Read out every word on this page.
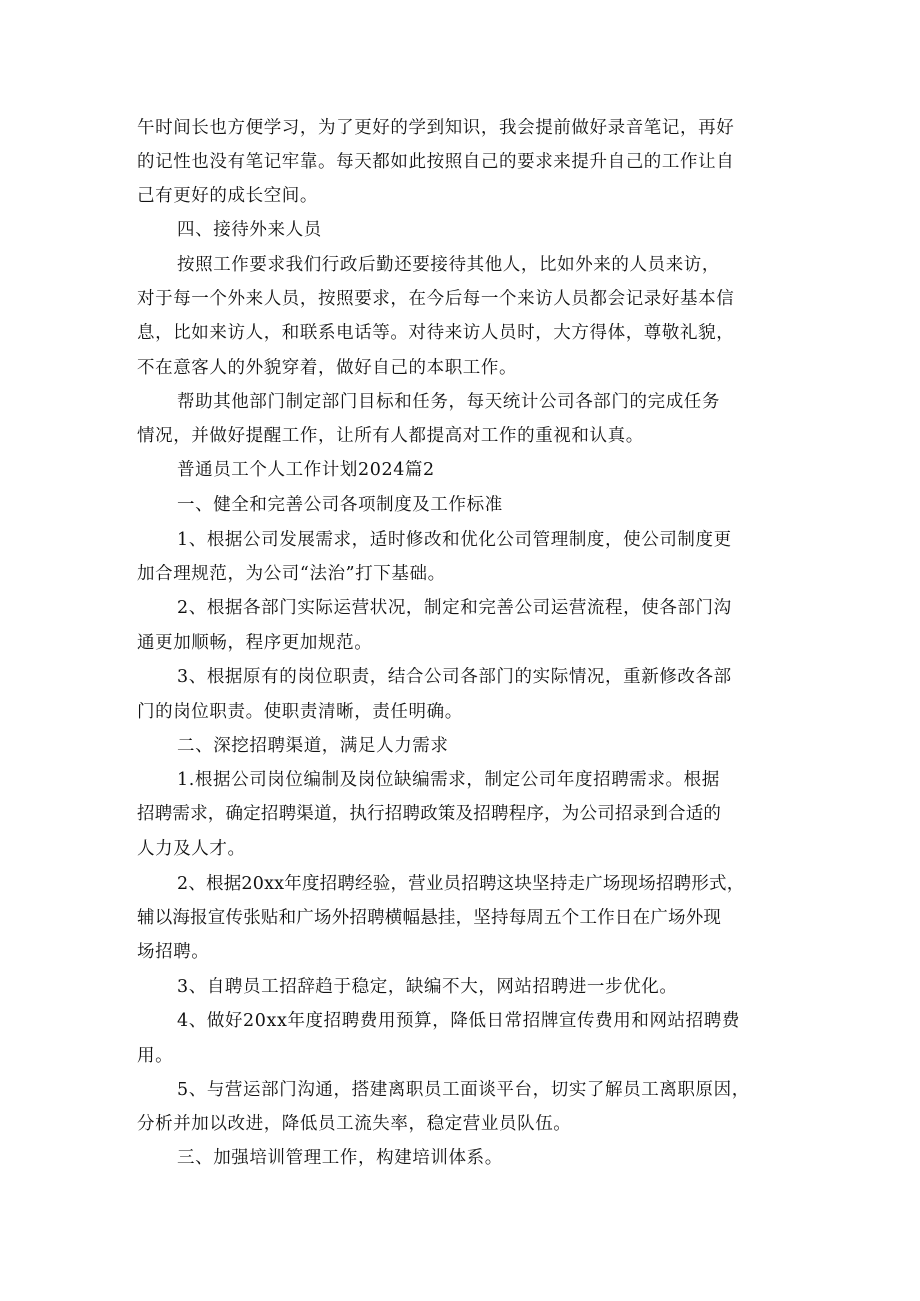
午时间长也方便学习，为了更好的学到知识，我会提前做好录音笔记，再好
的记性也没有笔记牢靠。每天都如此按照自己的要求来提升自己的工作让自
己有更好的成长空间。
四、接待外来人员
按照工作要求我们行政后勤还要接待其他人，比如外来的人员来访，
对于每一个外来人员，按照要求，在今后每一个来访人员都会记录好基本信
息，比如来访人，和联系电话等。对待来访人员时，大方得体，尊敬礼貌，
不在意客人的外貌穿着，做好自己的本职工作。
帮助其他部门制定部门目标和任务，每天统计公司各部门的完成任务
情况，并做好提醒工作，让所有人都提高对工作的重视和认真。
普通员工个人工作计划2024篇2
一、健全和完善公司各项制度及工作标准
1、根据公司发展需求，适时修改和优化公司管理制度，使公司制度更
加合理规范，为公司“法治”打下基础。
2、根据各部门实际运营状况，制定和完善公司运营流程，使各部门沟
通更加顺畅，程序更加规范。
3、根据原有的岗位职责，结合公司各部门的实际情况，重新修改各部
门的岗位职责。使职责清晰，责任明确。
二、深挖招聘渠道，满足人力需求
1.根据公司岗位编制及岗位缺编需求，制定公司年度招聘需求。根据
招聘需求，确定招聘渠道，执行招聘政策及招聘程序，为公司招录到合适的
人力及人才。
2、根据20xx年度招聘经验，营业员招聘这块坚持走广场现场招聘形式，
辅以海报宣传张贴和广场外招聘横幅悬挂，坚持每周五个工作日在广场外现
场招聘。
3、自聘员工招辞趋于稳定，缺编不大，网站招聘进一步优化。
4、做好20xx年度招聘费用预算，降低日常招牌宣传费用和网站招聘费
用。
5、与营运部门沟通，搭建离职员工面谈平台，切实了解员工离职原因，
分析并加以改进，降低员工流失率，稳定营业员队伍。
三、加强培训管理工作，构建培训体系。
